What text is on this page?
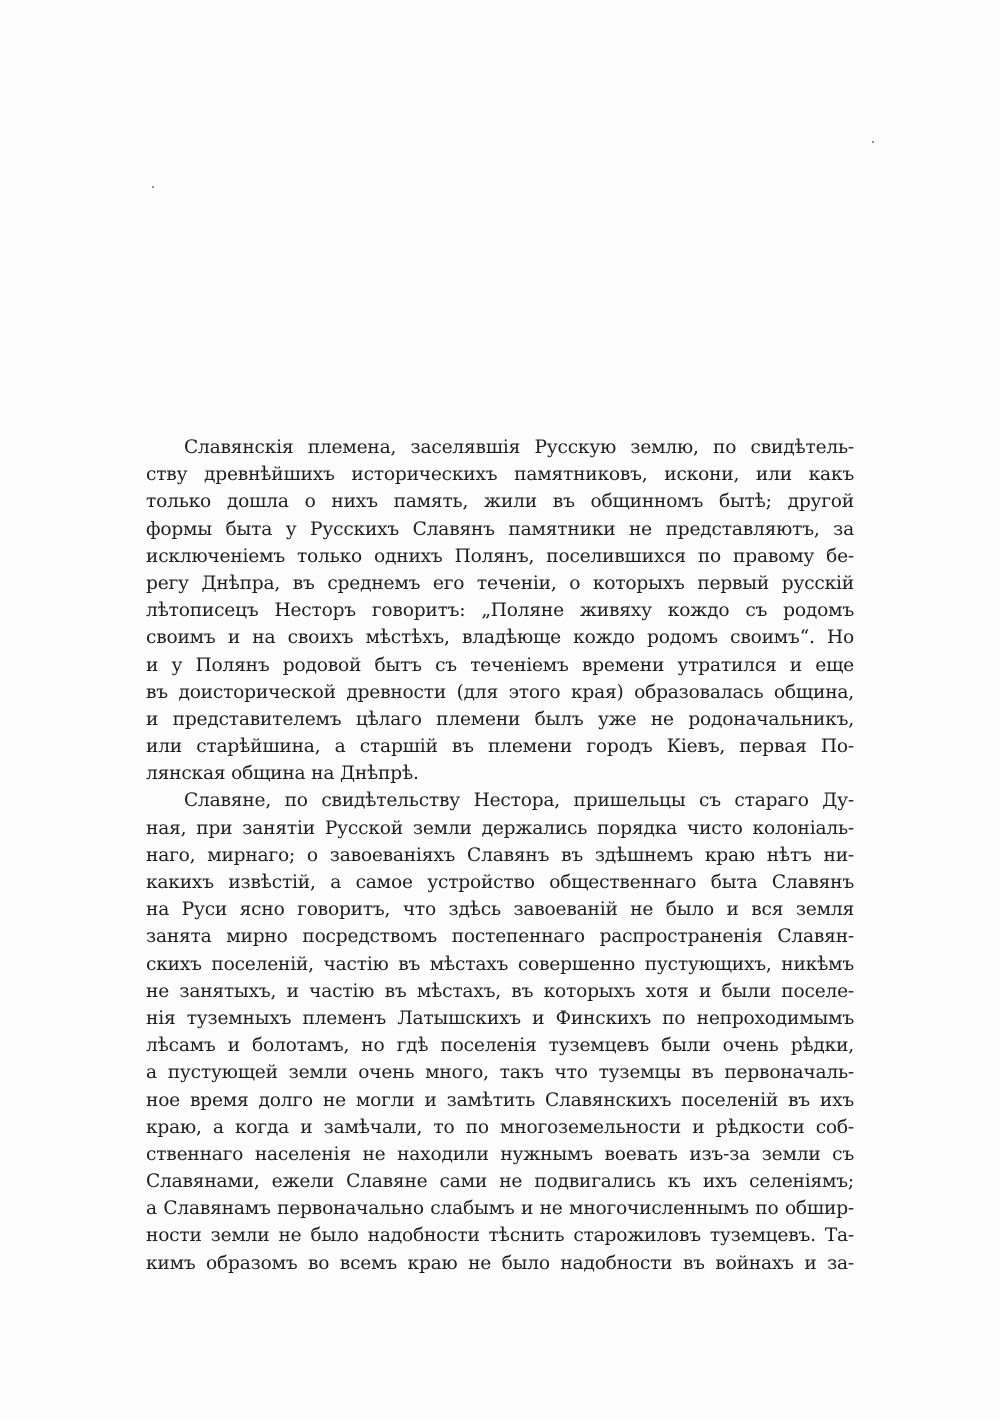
Славянскія племена, заселявшія Русскую землю, по свидѣтель-
ству древнѣйшихъ историческихъ памятниковъ, искони, или какъ
только дошла о нихъ память, жили въ общинномъ бытѣ; другой
формы быта у Русскихъ Славянъ памятники не представляютъ, за
исключеніемъ только однихъ Полянъ, поселившихся по правому бе-
регу Днѣпра, въ среднемъ его теченіи, о которыхъ первый русскій
лѣтописецъ Несторъ говоритъ: „Поляне живяху кождо съ родомъ
своимъ и на своихъ мѣстѣхъ, владѣюще кождо родомъ своимъ“. Но
и у Полянъ родовой бытъ съ теченіемъ времени утратился и еще
въ доисторической древности (для этого края) образовалась община,
и представителемъ цѣлаго племени былъ уже не родоначальникъ,
или старѣйшина, а старшій въ племени городъ Кіевъ, первая По-
лянская община на Днѣпрѣ.
Славяне, по свидѣтельству Нестора, пришельцы съ стараго Ду-
ная, при занятіи Русской земли держались порядка чисто колоніаль-
наго, мирнаго; о завоеваніяхъ Славянъ въ здѣшнемъ краю нѣтъ ни-
какихъ извѣстій, а самое устройство общественнаго быта Славянъ
на Руси ясно говоритъ, что здѣсь завоеваній не было и вся земля
занята мирно посредствомъ постепеннаго распространенія Славян-
скихъ поселеній, частію въ мѣстахъ совершенно пустующихъ, никѣмъ
не занятыхъ, и частію въ мѣстахъ, въ которыхъ хотя и были поселе-
нія туземныхъ племенъ Латышскихъ и Финскихъ по непроходимымъ
лѣсамъ и болотамъ, но гдѣ поселенія туземцевъ были очень рѣдки,
а пустующей земли очень много, такъ что туземцы въ первоначаль-
ное время долго не могли и замѣтить Славянскихъ поселеній въ ихъ
краю, а когда и замѣчали, то по многоземельности и рѣдкости соб-
ственнаго населенія не находили нужнымъ воевать изъ-за земли съ
Славянами, ежели Славяне сами не подвигались къ ихъ селеніямъ;
а Славянамъ первоначально слабымъ и не многочисленнымъ по обшир-
ности земли не было надобности тѣснить старожиловъ туземцевъ. Та-
кимъ образомъ во всемъ краю не было надобности въ войнахъ и за-
